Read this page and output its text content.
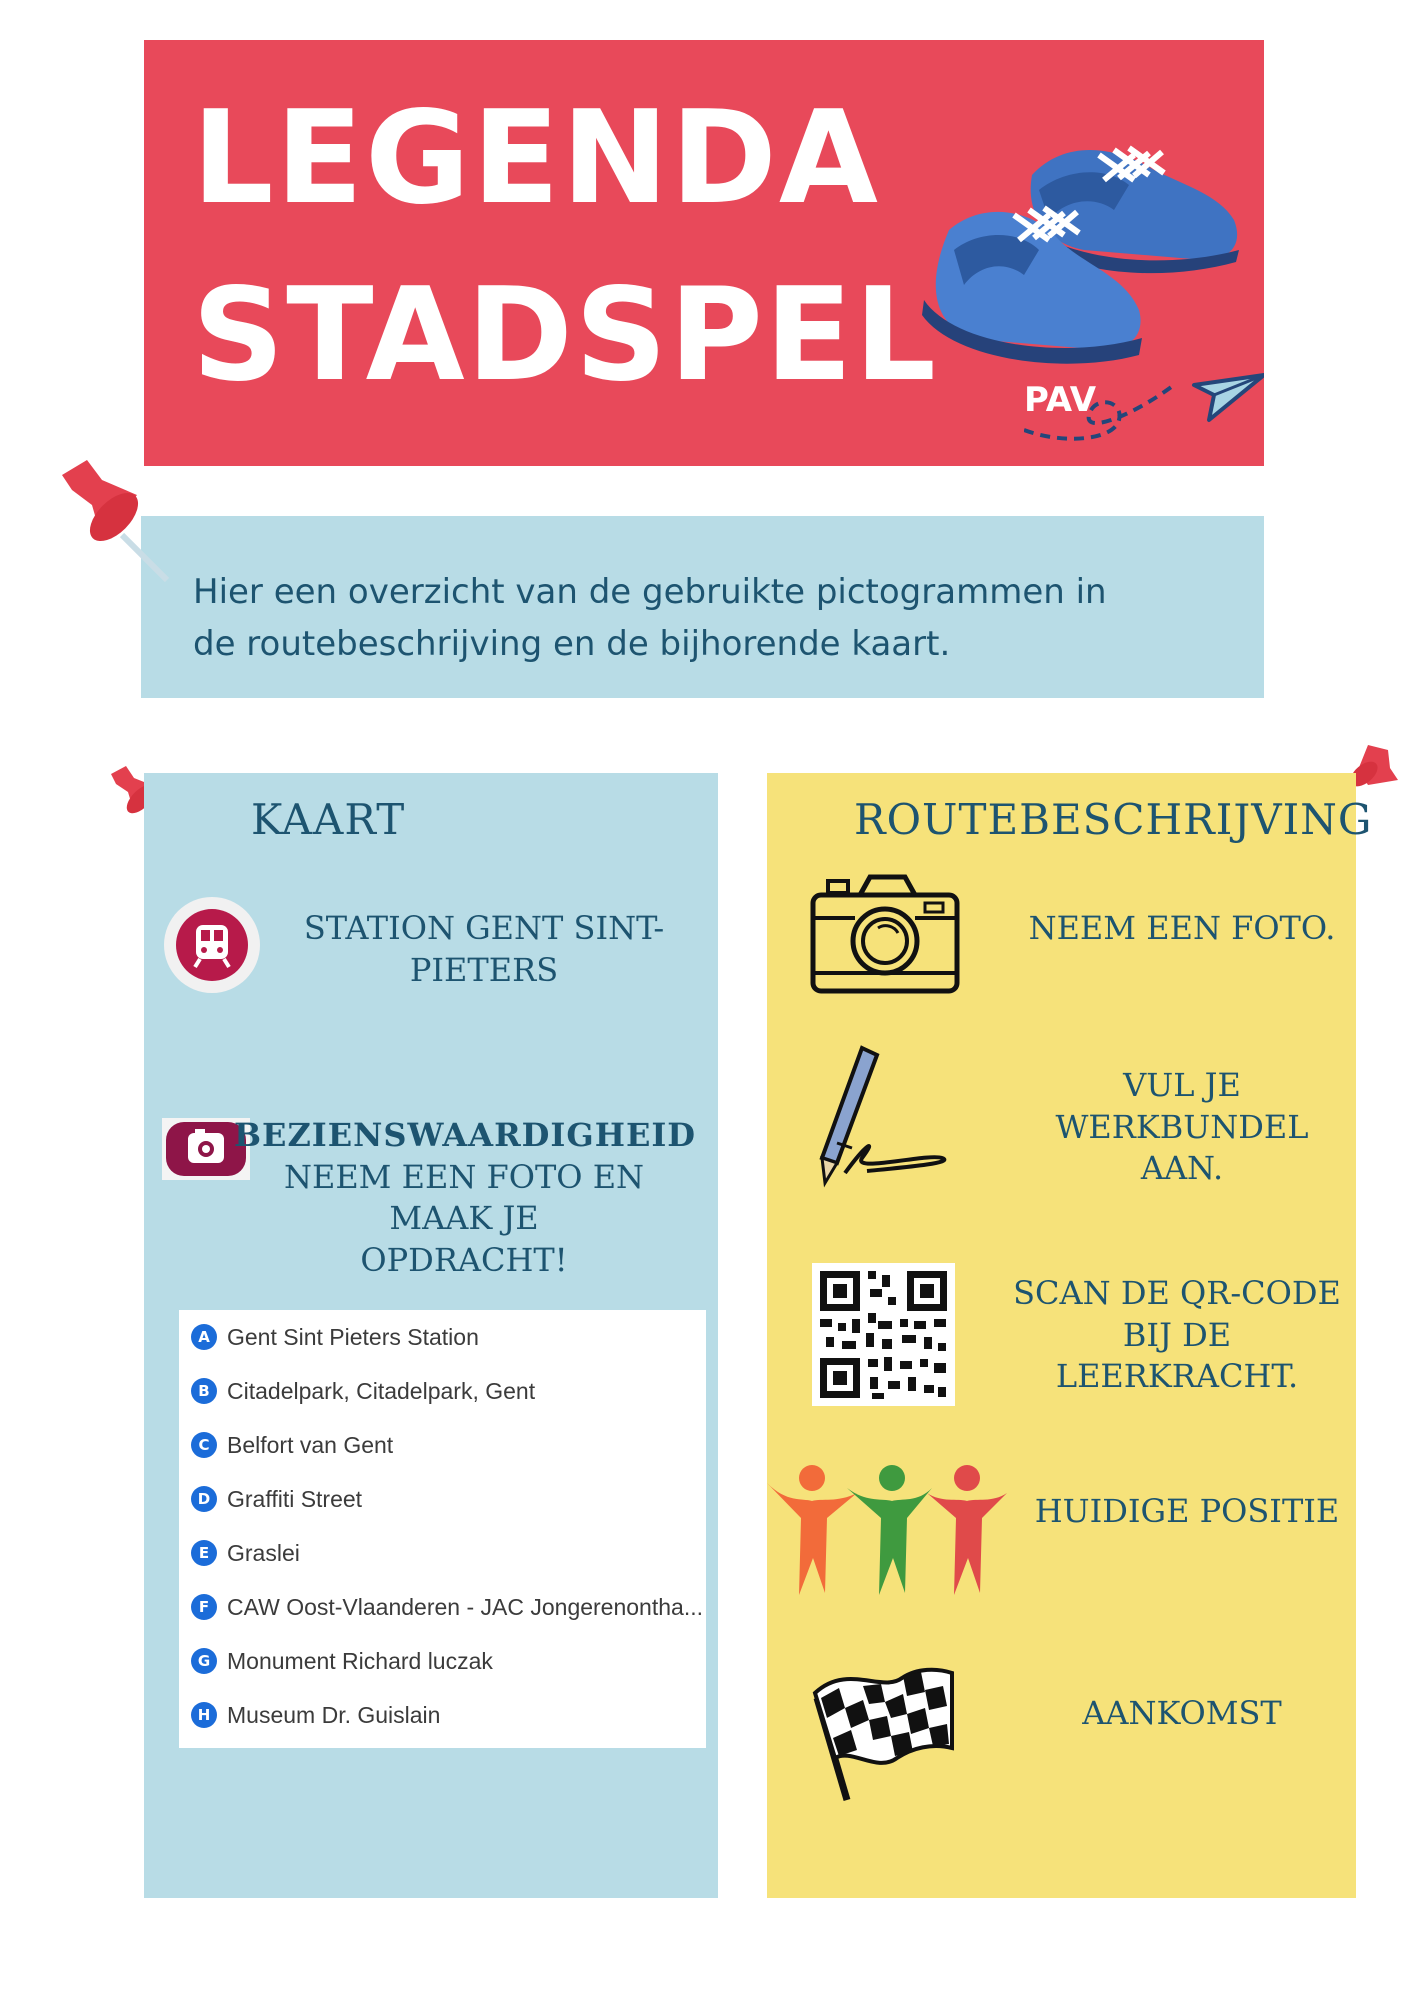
LEGENDA
STADSPEL	PAV
Hier een overzicht van de gebruikte pictogrammen in
de routebeschrijving en de bijhorende kaart.
KAART
STATION GENT SINT-
PIETERS
BEZIENSWAARDIGHEID
NEEM EEN FOTO EN MAAK JE
OPDRACHT!
A Gent Sint Pieters Station
B Citadelpark, Citadelpark, Gent
C Belfort van Gent
D Graffiti Street
E Graslei
F CAW Oost-Vlaanderen - JAC Jongerenontha...
G Monument Richard luczak
H Museum Dr. Guislain
ROUTEBESCHRIJVING
NEEM EEN FOTO.
VUL JE
WERKBUNDEL
AAN.
SCAN DE QR-CODE
BIJ DE
LEERKRACHT.
HUIDIGE POSITIE
AANKOMST
